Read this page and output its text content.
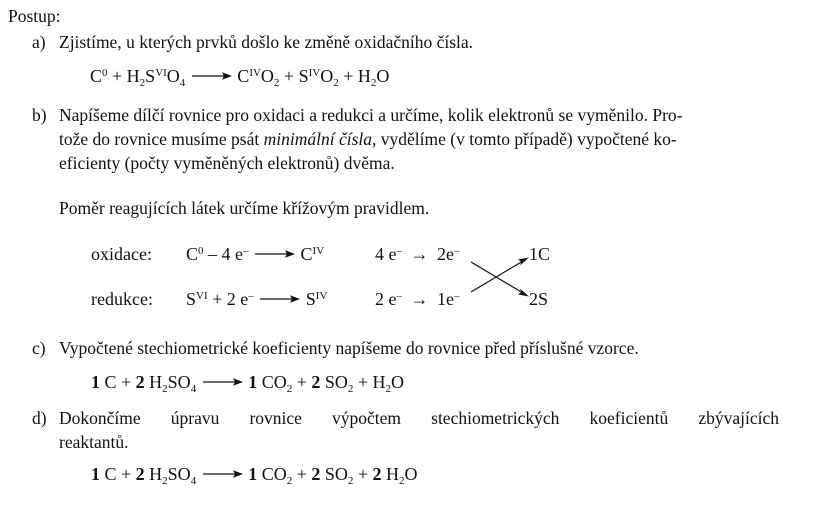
Postup:
a) Zjistíme, u kterých prvků došlo ke změně oxidačního čísla.
$C^0 + H_2S^{VI}O_4 \to C^{IV}O_2 + S^{IV}O_2 + H_2O$
b) Napíšeme dílčí rovnice pro oxidaci a redukci a určíme, kolik elektronů se vyměnilo. Pro-
tože do rovnice musíme psát minimální čísla, vydělíme (v tomto případě) vypočtené ko-
eficienty (počty vyměněných elektronů) dvěma.
Poměr reagujících látek určíme křížovým pravidlem.
oxidace: $C^0 - 4$ $e^- \to C^{IV}$	4 e– → 2e–	1C
redukce: $S^{VI} + 2$ $e^- \to S^{IV}$	2 e– → 1e–	2S
c) Vypočtené stechiometrické koeficienty napíšeme do rovnice před příslušné vzorce.
1 C + 2 $H_2SO_4 \to 1$ $CO_2 + 2$ $SO_2 + H_2O$
d) Dokončíme úpravu rovnice výpočtem stechiometrických koeficientů zbývajících
reaktantů.
1 C + 2 $H_2SO_4 \to 1$ $CO_2 + 2$ $SO_2 + 2$ $H_2O$
